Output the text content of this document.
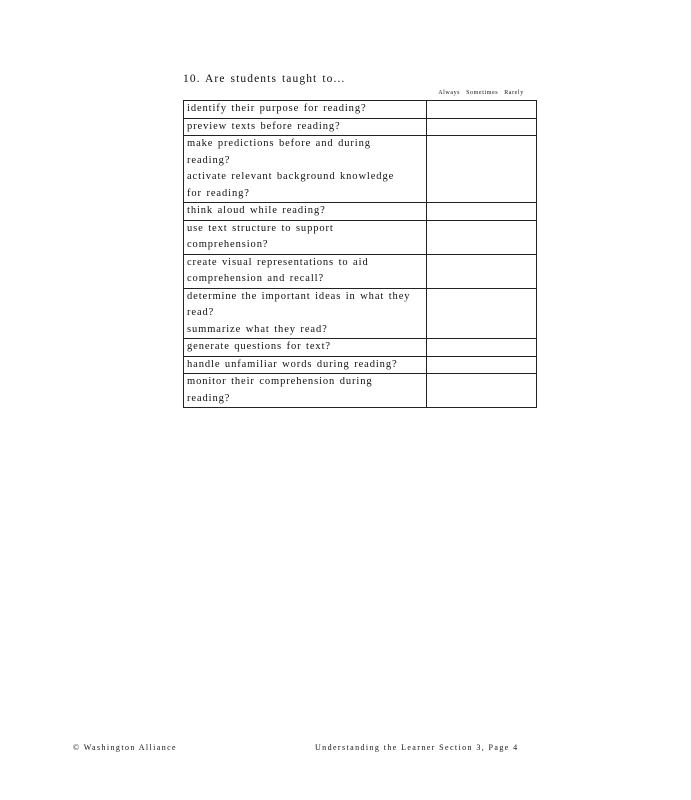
10. Are students taught to...
Always Sometimes Rarely
identify their purpose for reading?	

preview texts before reading?	

make predictions before and during
reading?
activate relevant background knowledge
for reading?	

think aloud while reading?	

use text structure to support
comprehension?	

create visual representations to aid
comprehension and recall?	

determine the important ideas in what they
read?
summarize what they read?	

generate questions for text?	

handle unfamiliar words during reading?	

monitor their comprehension during
reading?	

© Washington Alliance	Understanding the Learner Section 3, Page 4
